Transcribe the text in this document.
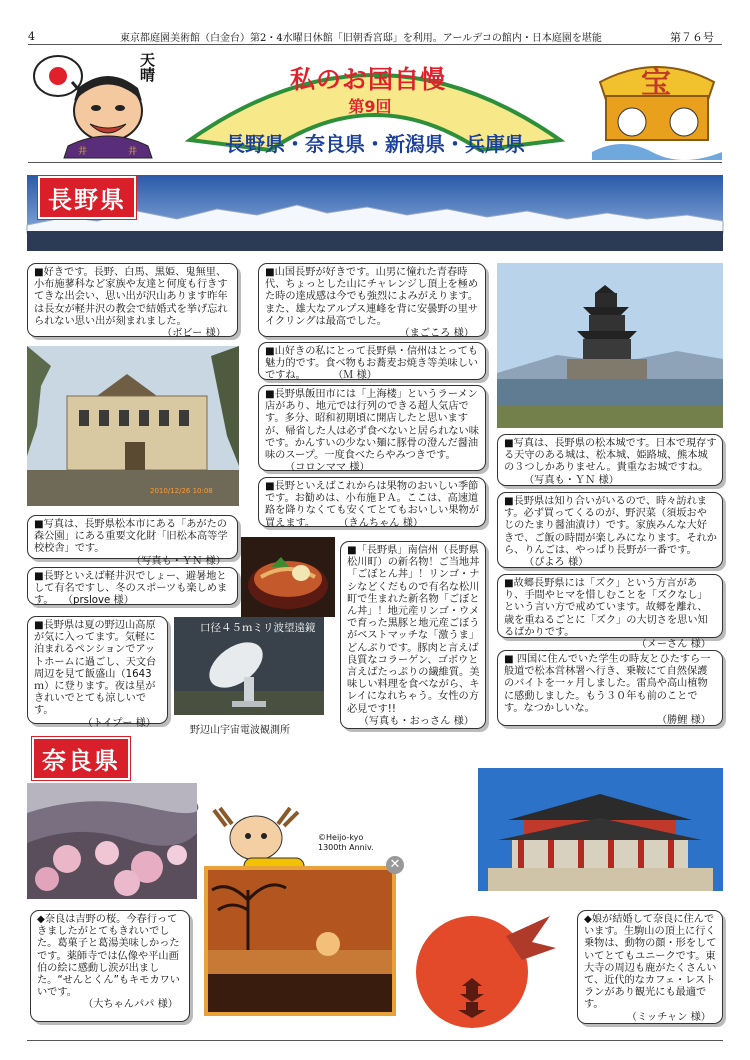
4	東京都庭園美術館（白金台）第2・4水曜日休館「旧朝香宮邸」を利用。アールデコの館内・日本庭園を堪能	第７６号
井	井
天晴	私のお国自慢
第9回
長野県・奈良県・新潟県・兵庫県
宝
長野県
■好きです。長野、白馬、黒姫、鬼無里、小布施蓼科など家族や友達と何度も行きすてきな出会い、思い出が沢山あります昨年は長女が軽井沢の教会で結婚式を挙げ忘れられない思い出が刻まれました。
（ボビー 様）
2010/12/26 10:08
■写真は、長野県松本市にある「あがたの森公園」にある重要文化財「旧松本高等学校校舎」です。
（写真も・ＹＮ 様）
■長野といえば軽井沢でしょー、避暑地として有名ですし、冬のスポーツも楽しめます。 （prslove 様）
■長野県は夏の野辺山高原が気に入ってます。気軽に泊まれるペンションでアットホームに過ごし、天文台周辺を見て飯盛山（1643ｍ）に登ります。夜は星がきれいでとても涼しいです。
（トイプー 様）
口径４５ｍミリ波望遠鏡
野辺山宇宙電波観測所
■山国長野が好きです。山男に憧れた青春時代、ちょっとした山にチャレンジし頂上を極めた時の達成感は今でも強烈によみがえります。また、雄大なアルプス連峰を背に安曇野の里サイクリングは最高でした。
（まごころ 様）
■山好きの私にとって長野県・信州はとっても魅力的です。食べ物もお蕎麦お焼き等美味しいですね。	（Ｍ 様）
■長野県飯田市には「上海楼」というラーメン店があり、地元では行列のできる超人気店です。多分、昭和初期頃に開店したと思いますが、帰省した人は必ず食べないと居られない味です。かんすいの少ない麺に豚骨の澄んだ醤油味のスープ。一度食べたらやみつきです。 （コロンママ 様）
■長野といえばこれからは果物のおいしい季節です。お勧めは、小布施ＰＡ。ここは、高速道路を降りなくても安くてとてもおいしい果物が買えます。 （きんちゃん 様）
■「長野県」南信州（長野県松川町）の新名物！ご当地丼「ごぼとん丼」！リンゴ・ナシなどくだもので有名な松川町で生まれた新名物「ごぼとん丼」！地元産リンゴ・ウメで育った黒豚と地元産ごぼうがベストマッチな「激うま」どんぶりです。豚肉と言えば良質なコラーゲン、ゴボウと言えばたっぷりの繊維質。美味しい料理を食べながら、キレイになれちゃう。女性の方必見です!!
（写真も・おっさん 様）
■写真は、長野県の松本城です。日本で現存する天守のある城は、松本城、姫路城、熊本城の３つしかありません。貴重なお城ですね。 （写真も・ＹＮ 様）
■長野県は知り合いがいるので、時々訪れます。必ず買ってくるのが、野沢菜（須坂おやじのたまり醤油漬け）です。家族みんな大好きで、ご飯の時間が楽しみになります。それから、りんごは、やっぱり長野が一番です。 （ぴよろ 様）
■故郷長野県には「ズク」という方言があり、手間やヒマを惜しむことを「ズクなし」という言い方で戒めています。故郷を離れ、歳を重ねるごとに「ズク」の大切さを思い知るばかりです。
（メーさん 様）
■ 四国に住んでいた学生の時友とひたすら一般道で松本営林署へ行き、乗鞍にて自然保護のバイトを一ヶ月しました。雷鳥や高山植物に感動しました。もう３０年も前のことです。なつかしいな。
（勝鯉 様）
奈良県
©Heijo-kyo
1300th Anniv.
✕
◆奈良は吉野の桜。今春行ってきましたがとてもきれいでした。葛菓子と葛湯美味しかったです。薬師寺では仏像や平山画伯の絵に感動し涙が出ました。“せんとくん”もキモカワいいです。
（大ちゃんパパ 様）
◆娘が結婚して奈良に住んでいます。生駒山の頂上に行く乗物は、動物の顔・形をしていてとてもユニークです。東大寺の周辺も鹿がたくさんいて、近代的なカフェ・レストランがあり観光にも最適です。
（ミッチャン 様）
